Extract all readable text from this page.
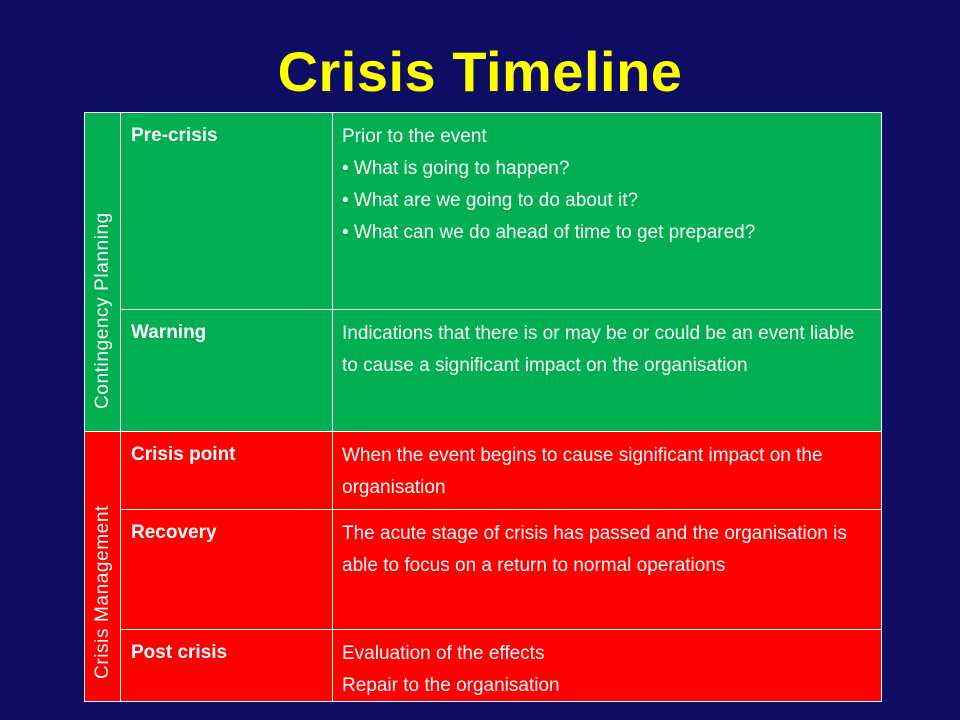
Crisis Timeline
Contingency Planning
Crisis Management
Pre-crisis	Prior to the event
• What is going to happen?
• What are we going to do about it?
• What can we do ahead of time to get prepared?
Warning	Indications that there is or may be or could be an event liable to cause a significant impact on the organisation
Crisis point	When the event begins to cause significant impact on the organisation
Recovery	The acute stage of crisis has passed and the organisation is able to focus on a return to normal operations
Post crisis	Evaluation of the effects
Repair to the organisation
